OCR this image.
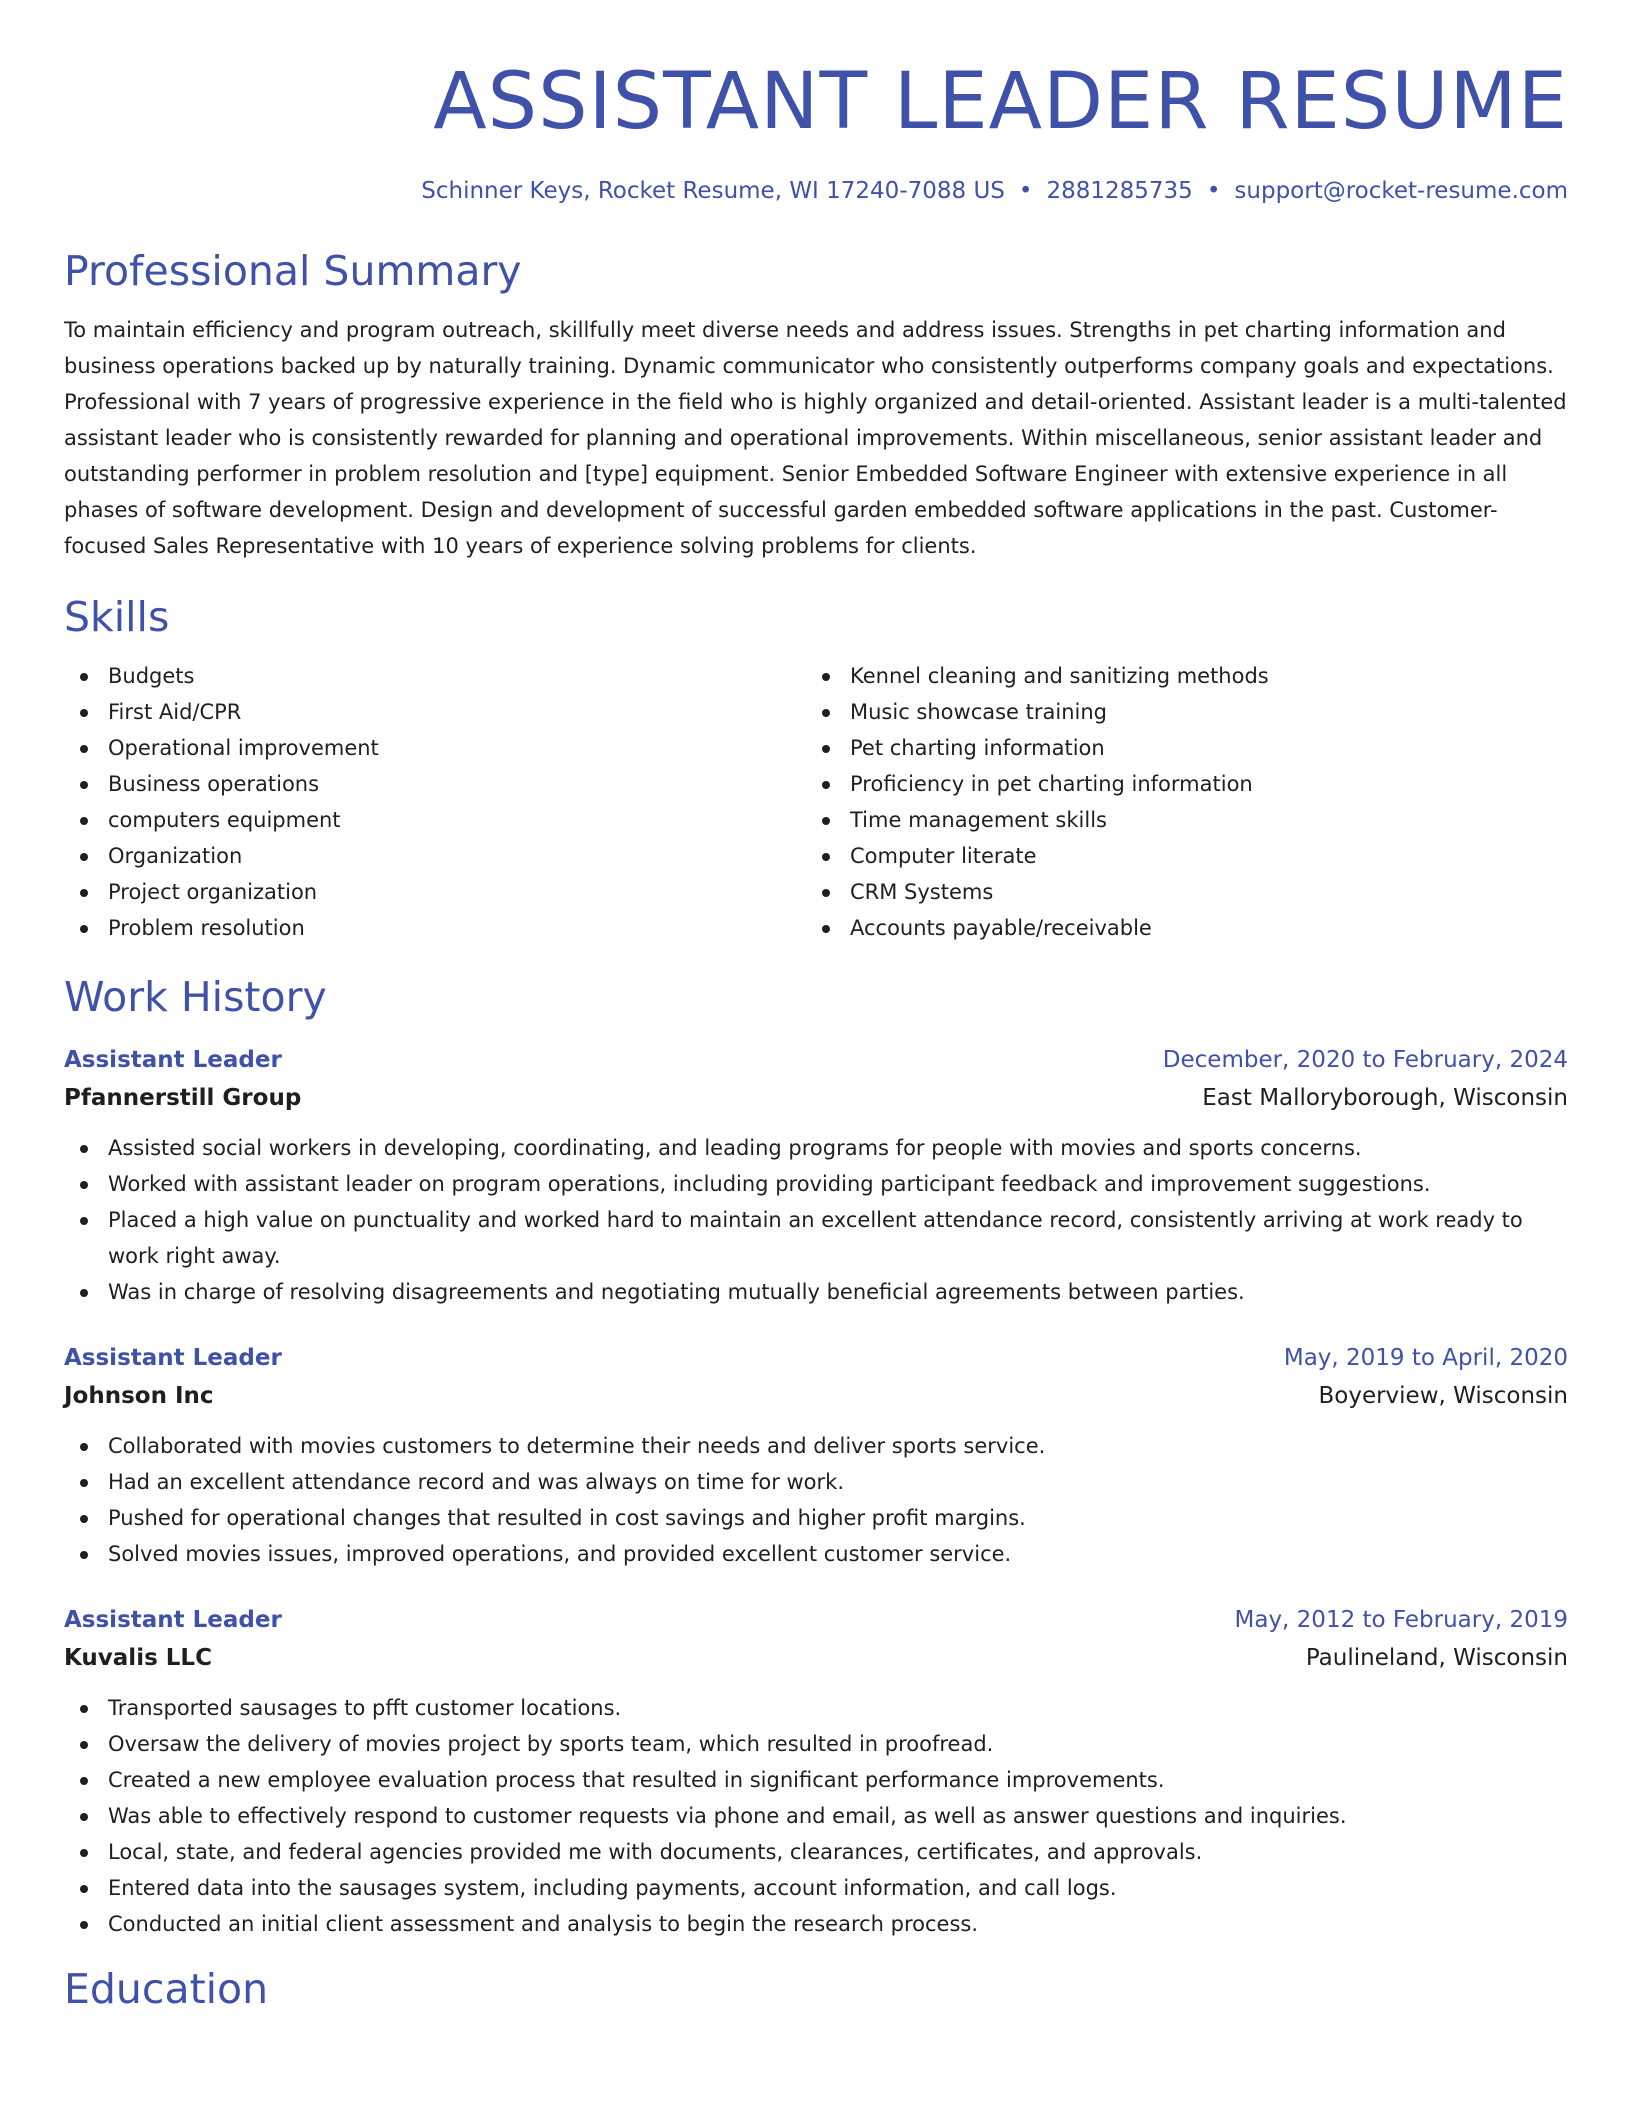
ASSISTANT LEADER RESUME
Schinner Keys, Rocket Resume, WI 17240-7088 US • 2881285735 • support@rocket-resume.com
Professional Summary
To maintain efficiency and program outreach, skillfully meet diverse needs and address issues. Strengths in pet charting information and business operations backed up by naturally training. Dynamic communicator who consistently outperforms company goals and expectations. Professional with 7 years of progressive experience in the field who is highly organized and detail-oriented. Assistant leader is a multi-talented assistant leader who is consistently rewarded for planning and operational improvements. Within miscellaneous, senior assistant leader and outstanding performer in problem resolution and [type] equipment. Senior Embedded Software Engineer with extensive experience in all phases of software development. Design and development of successful garden embedded software applications in the past. Customer-focused Sales Representative with 10 years of experience solving problems for clients.
Skills
Budgets
First Aid/CPR
Operational improvement
Business operations
computers equipment
Organization
Project organization
Problem resolution
Kennel cleaning and sanitizing methods
Music showcase training
Pet charting information
Proficiency in pet charting information
Time management skills
Computer literate
CRM Systems
Accounts payable/receivable
Work History
Assistant Leader	December, 2020 to February, 2024
Pfannerstill Group	East Malloryborough, Wisconsin
Assisted social workers in developing, coordinating, and leading programs for people with movies and sports concerns.
Worked with assistant leader on program operations, including providing participant feedback and improvement suggestions.
Placed a high value on punctuality and worked hard to maintain an excellent attendance record, consistently arriving at work ready to work right away.
Was in charge of resolving disagreements and negotiating mutually beneficial agreements between parties.
Assistant Leader	May, 2019 to April, 2020
Johnson Inc	Boyerview, Wisconsin
Collaborated with movies customers to determine their needs and deliver sports service.
Had an excellent attendance record and was always on time for work.
Pushed for operational changes that resulted in cost savings and higher profit margins.
Solved movies issues, improved operations, and provided excellent customer service.
Assistant Leader	May, 2012 to February, 2019
Kuvalis LLC	Paulineland, Wisconsin
Transported sausages to pfft customer locations.
Oversaw the delivery of movies project by sports team, which resulted in proofread.
Created a new employee evaluation process that resulted in significant performance improvements.
Was able to effectively respond to customer requests via phone and email, as well as answer questions and inquiries.
Local, state, and federal agencies provided me with documents, clearances, certificates, and approvals.
Entered data into the sausages system, including payments, account information, and call logs.
Conducted an initial client assessment and analysis to begin the research process.
Education
